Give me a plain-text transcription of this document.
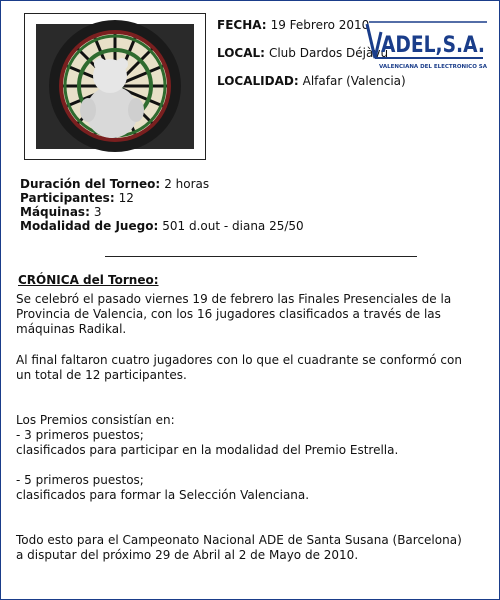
FECHA: 19 Febrero 2010
LOCAL: Club Dardos Déjàvu
LOCALIDAD: Alfafar (Valencia)
ADEL,S.A.
VALENCIANA DEL ELECTRONICO SA
Duración del Torneo: 2 horas
Participantes: 12
Máquinas: 3
Modalidad de Juego: 501 d.out - diana 25/50
CRÓNICA del Torneo:
Se celebró el pasado viernes 19 de febrero las Finales Presenciales de la Provincia de Valencia, con los 16 jugadores clasificados a través de las máquinas Radikal.
Al final faltaron cuatro jugadores con lo que el cuadrante se conformó con un total de 12 participantes.
Los Premios consistían en:
- 3 primeros puestos;
clasificados para participar en la modalidad del Premio Estrella.
- 5 primeros puestos;
clasificados para formar la Selección Valenciana.
Todo esto para el Campeonato Nacional ADE de Santa Susana (Barcelona) a disputar del próximo 29 de Abril al 2 de Mayo de 2010.
